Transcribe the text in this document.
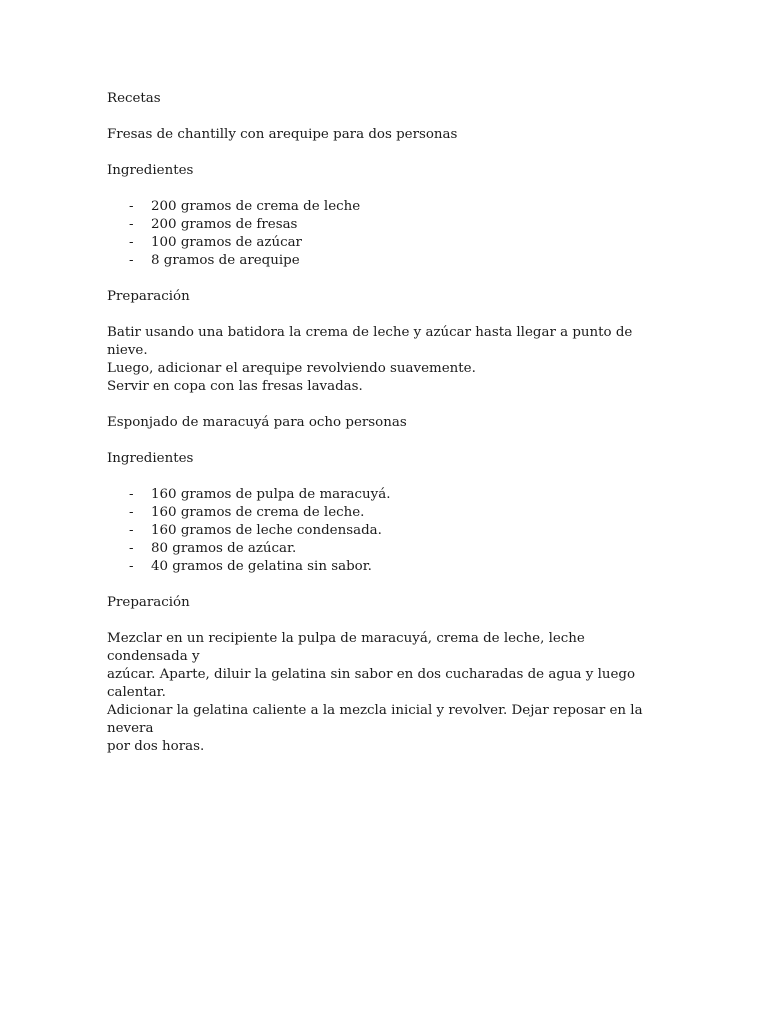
Recetas

Fresas de chantilly con arequipe para dos personas

Ingredientes

- 200 gramos de crema de leche
- 200 gramos de fresas
- 100 gramos de azúcar
- 8 gramos de arequipe

Preparación

Batir usando una batidora la crema de leche y azúcar hasta llegar a punto de nieve.

Luego, adicionar el arequipe revolviendo suavemente.

Servir en copa con las fresas lavadas.

Esponjado de maracuyá para ocho personas

Ingredientes

- 160 gramos de pulpa de maracuyá.
- 160 gramos de crema de leche.
- 160 gramos de leche condensada.
- 80 gramos de azúcar.
- 40 gramos de gelatina sin sabor.

Preparación

Mezclar en un recipiente la pulpa de maracuyá, crema de leche, leche condensada y

azúcar. Aparte, diluir la gelatina sin sabor en dos cucharadas de agua y luego calentar.

Adicionar la gelatina caliente a la mezcla inicial y revolver. Dejar reposar en la nevera

por dos horas.
